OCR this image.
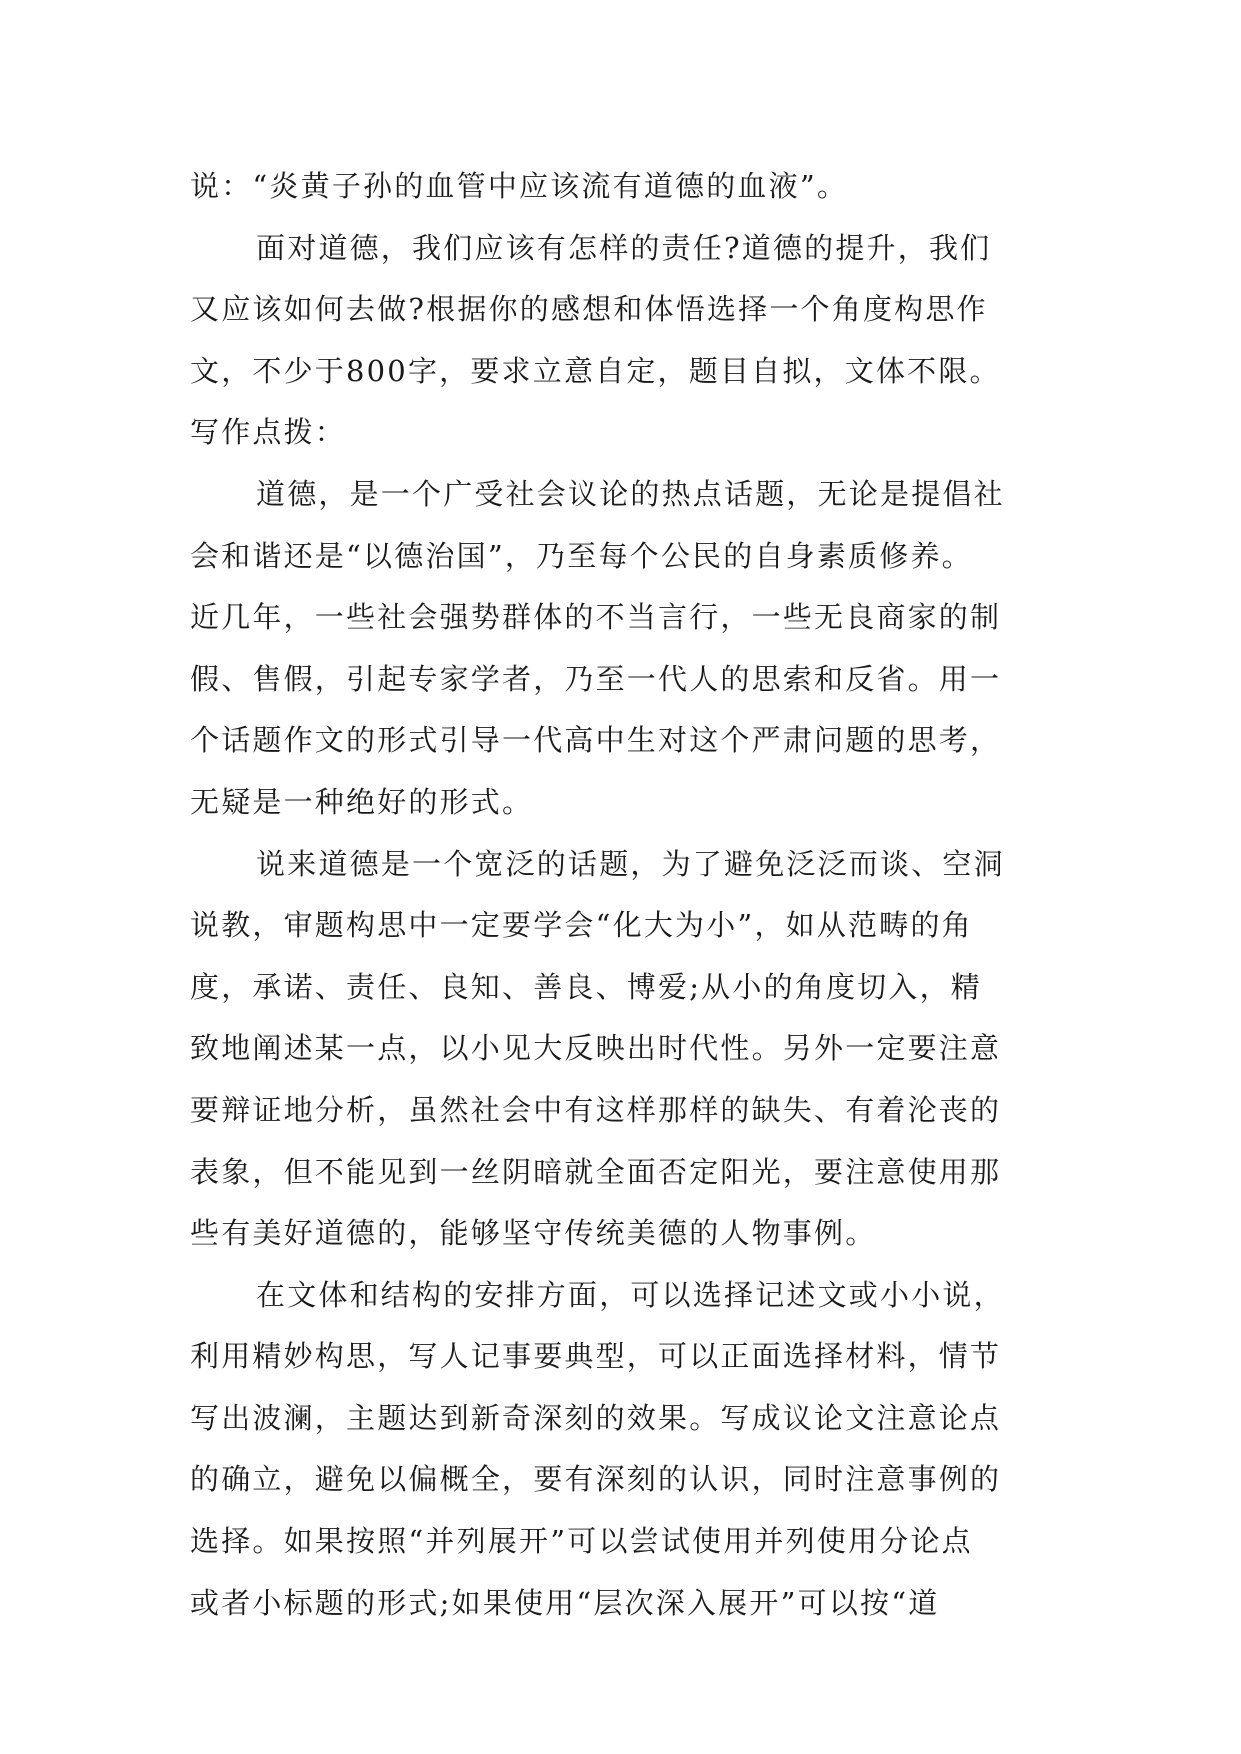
说：“炎黄子孙的血管中应该流有道德的血液”。
面对道德，我们应该有怎样的责任?道德的提升，我们
又应该如何去做?根据你的感想和体悟选择一个角度构思作
文，不少于800字，要求立意自定，题目自拟，文体不限。
写作点拨：
道德，是一个广受社会议论的热点话题，无论是提倡社
会和谐还是“以德治国”，乃至每个公民的自身素质修养。
近几年，一些社会强势群体的不当言行，一些无良商家的制
假、售假，引起专家学者，乃至一代人的思索和反省。用一
个话题作文的形式引导一代高中生对这个严肃问题的思考，
无疑是一种绝好的形式。
说来道德是一个宽泛的话题，为了避免泛泛而谈、空洞
说教，审题构思中一定要学会“化大为小”，如从范畴的角
度，承诺、责任、良知、善良、博爱;从小的角度切入，精
致地阐述某一点，以小见大反映出时代性。另外一定要注意
要辩证地分析，虽然社会中有这样那样的缺失、有着沦丧的
表象，但不能见到一丝阴暗就全面否定阳光，要注意使用那
些有美好道德的，能够坚守传统美德的人物事例。
在文体和结构的安排方面，可以选择记述文或小小说，
利用精妙构思，写人记事要典型，可以正面选择材料，情节
写出波澜，主题达到新奇深刻的效果。写成议论文注意论点
的确立，避免以偏概全，要有深刻的认识，同时注意事例的
选择。如果按照“并列展开”可以尝试使用并列使用分论点
或者小标题的形式;如果使用“层次深入展开”可以按“道
